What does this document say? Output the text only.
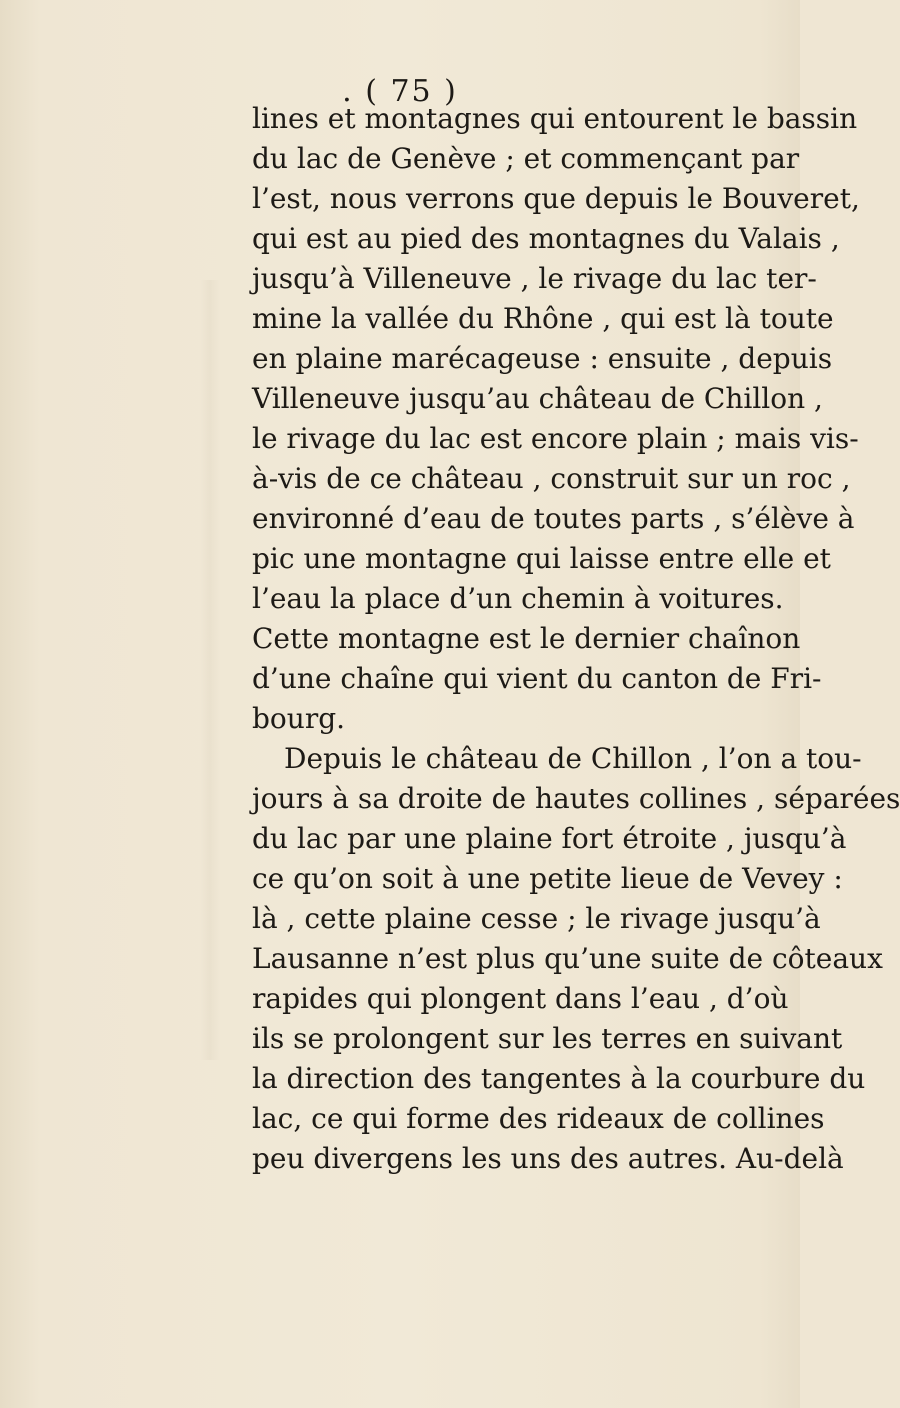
. ( 75 )
lines et montagnes qui entourent le bassin
du lac de Genève ; et commençant par
l’est, nous verrons que depuis le Bouveret,
qui est au pied des montagnes du Valais ,
jusqu’à Villeneuve , le rivage du lac ter-
mine la vallée du Rhône , qui est là toute
en plaine marécageuse : ensuite , depuis
Villeneuve jusqu’au château de Chillon ,
le rivage du lac est encore plain ; mais vis-
à-vis de ce château , construit sur un roc ,
environné d’eau de toutes parts , s’élève à
pic une montagne qui laisse entre elle et
l’eau la place d’un chemin à voitures.
Cette montagne est le dernier chaînon
d’une chaîne qui vient du canton de Fri-
bourg.
Depuis le château de Chillon , l’on a tou-
jours à sa droite de hautes collines , séparées
du lac par une plaine fort étroite , jusqu’à
ce qu’on soit à une petite lieue de Vevey :
là , cette plaine cesse ; le rivage jusqu’à
Lausanne n’est plus qu’une suite de côteaux
rapides qui plongent dans l’eau , d’où
ils se prolongent sur les terres en suivant
la direction des tangentes à la courbure du
lac, ce qui forme des rideaux de collines
peu divergens les uns des autres. Au-delà
